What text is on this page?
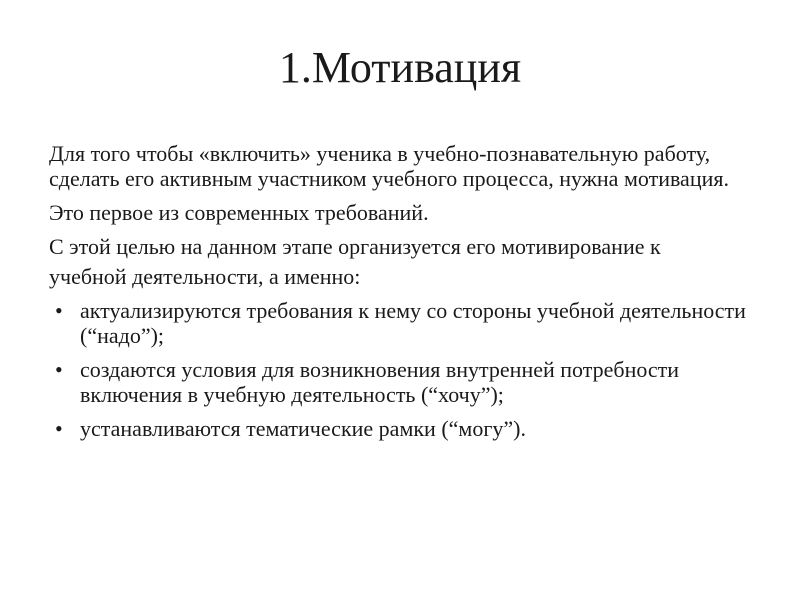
1.Мотивация

Для того чтобы «включить» ученика в учебно-познавательную работу, сделать его активным участником учебного процесса, нужна мотивация.

Это первое из современных требований.

С этой целью на данном этапе организуется его мотивирование к

учебной деятельности, а именно:

• актуализируются требования к нему со стороны учебной деятельности (“надо”);
• создаются условия для возникновения внутренней потребности включения в учебную деятельность (“хочу”);
• устанавливаются тематические рамки (“могу”).
